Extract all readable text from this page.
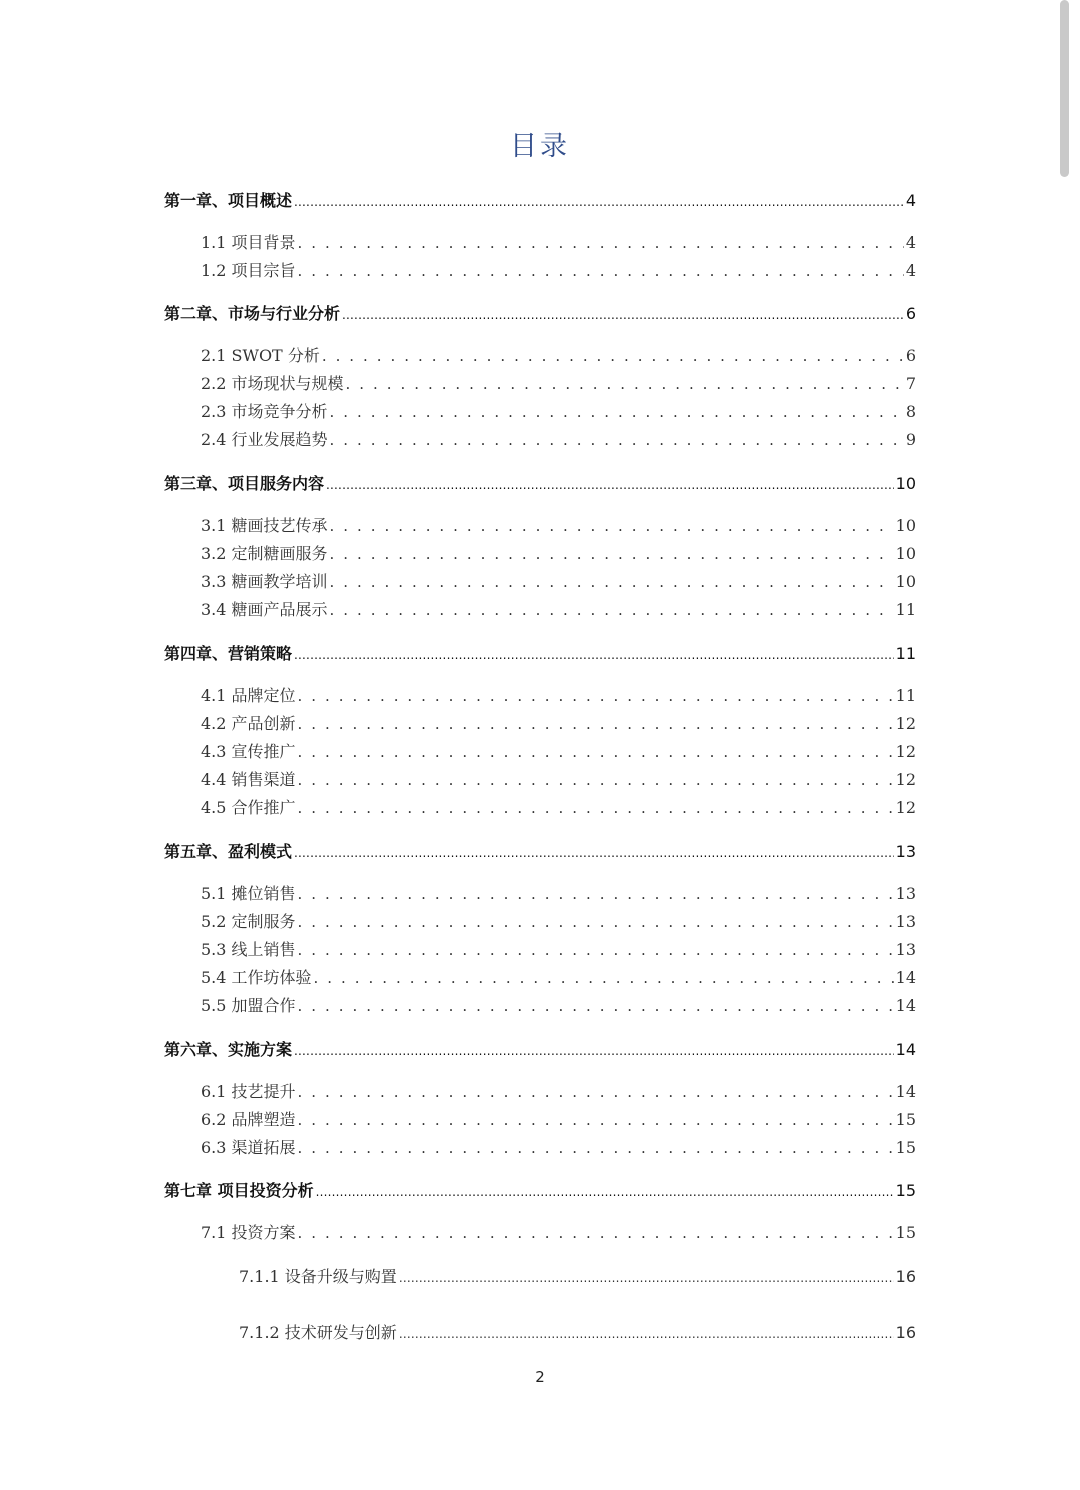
目录
第一章、项目概述 .....	4
1.1 项目背景 . . .	4
1.2 项目宗旨 . . .	4
第二章、市场与行业分析 .....	6
2.1 SWOT 分析 . . .	6
2.2 市场现状与规模 . . .	7
2.3 市场竞争分析 . . .	8
2.4 行业发展趋势 . . .	9
第三章、项目服务内容 .....	10
3.1 糖画技艺传承 . . .	10
3.2 定制糖画服务 . . .	10
3.3 糖画教学培训 . . .	10
3.4 糖画产品展示 . . .	11
第四章、营销策略 .....	11
4.1 品牌定位 . . .	11
4.2 产品创新 . . .	12
4.3 宣传推广 . . .	12
4.4 销售渠道 . . .	12
4.5 合作推广 . . .	12
第五章、盈利模式 .....	13
5.1 摊位销售 . . .	13
5.2 定制服务 . . .	13
5.3 线上销售 . . .	13
5.4 工作坊体验 . . .	14
5.5 加盟合作 . . .	14
第六章、实施方案 .....	14
6.1 技艺提升 . . .	14
6.2 品牌塑造 . . .	15
6.3 渠道拓展 . . .	15
第七章 项目投资分析 .....	15
7.1 投资方案 . . .	15
7.1.1 设备升级与购置 .....	16
7.1.2 技术研发与创新 .....	16
2
